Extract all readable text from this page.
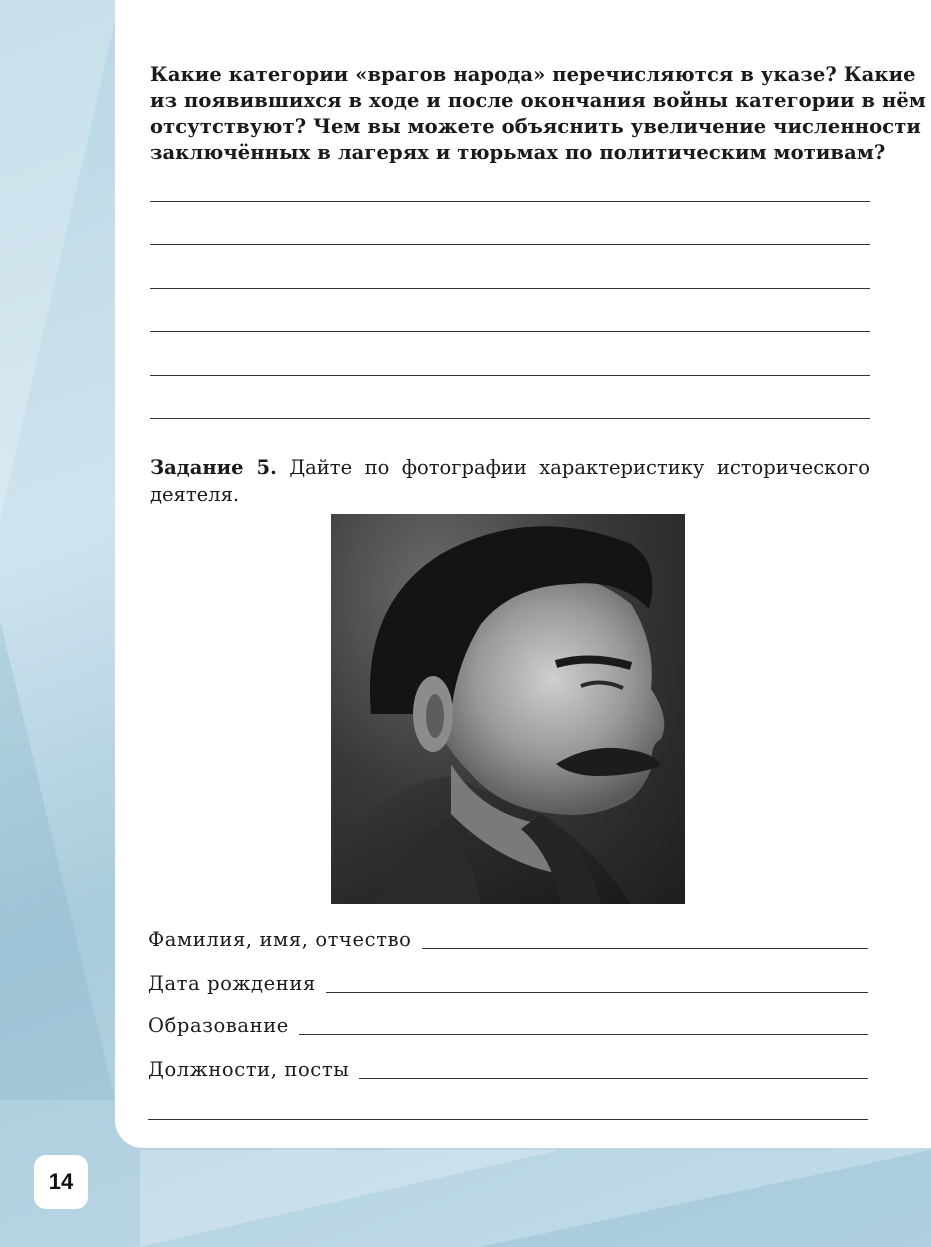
Какие категории «врагов народа» перечисляются в указе? Какие
из появившихся в ходе и после окончания войны категории в нём
отсутствуют? Чем вы можете объяснить увеличение численности
заключённых в лагерях и тюрьмах по политическим мотивам?
Задание 5. Дайте по фотографии характеристику исторического
деятеля.
Фамилия, имя, отчество
Дата рождения
Образование
Должности, посты
14
